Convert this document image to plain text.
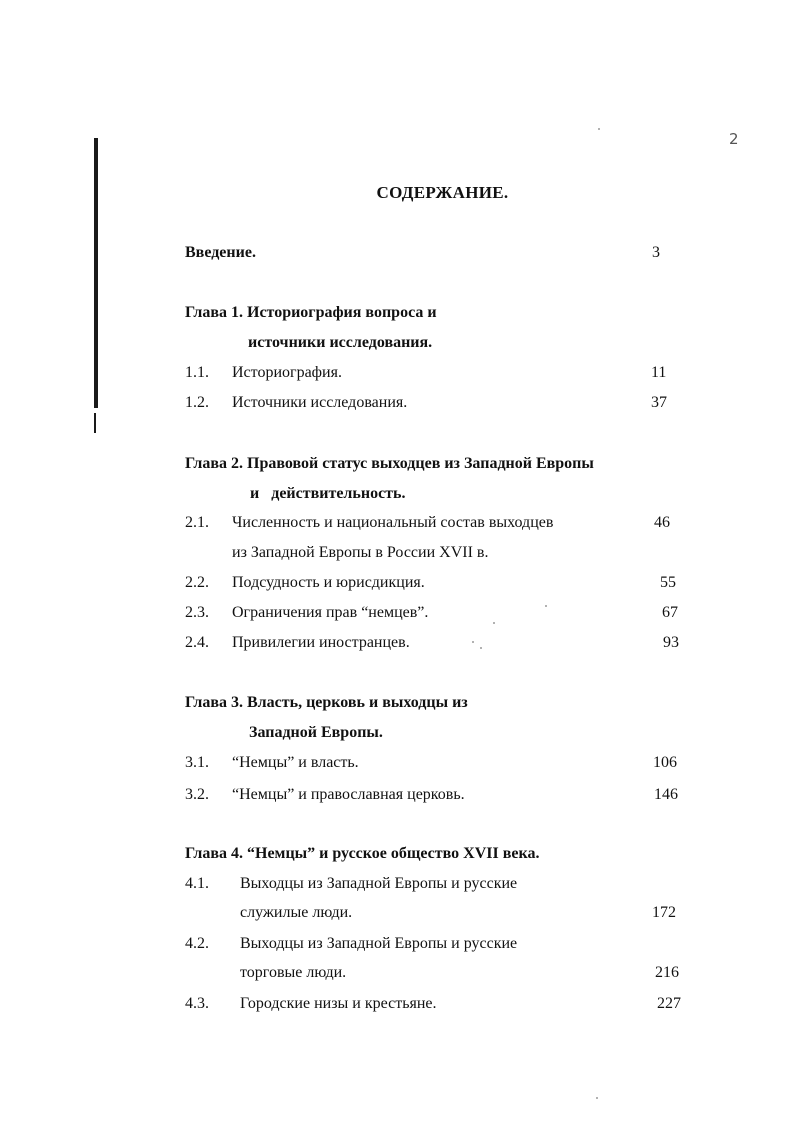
2
СОДЕРЖАНИЕ.
Введение.	3
Глава 1. Историография вопроса и
источники исследования.
1.1. Историография.	11
1.2. Источники исследования.	37
Глава 2. Правовой статус выходцев из Западной Европы
и   действительность.
2.1. Численность и национальный состав выходцев	46
из Западной Европы в России XVII в.
2.2. Подсудность и юрисдикция.	55
2.3. Ограничения прав “немцев”.	67
2.4. Привилегии иностранцев.	93
Глава 3. Власть, церковь и выходцы из
Западной Европы.
3.1. “Немцы” и власть.	106
3.2. “Немцы” и православная церковь.	146
Глава 4. “Немцы” и русское общество XVII века.
4.1. Выходцы из Западной Европы и русские
служилые люди.	172
4.2. Выходцы из Западной Европы и русские
торговые люди.	216
4.3. Городские низы и крестьяне.	227
